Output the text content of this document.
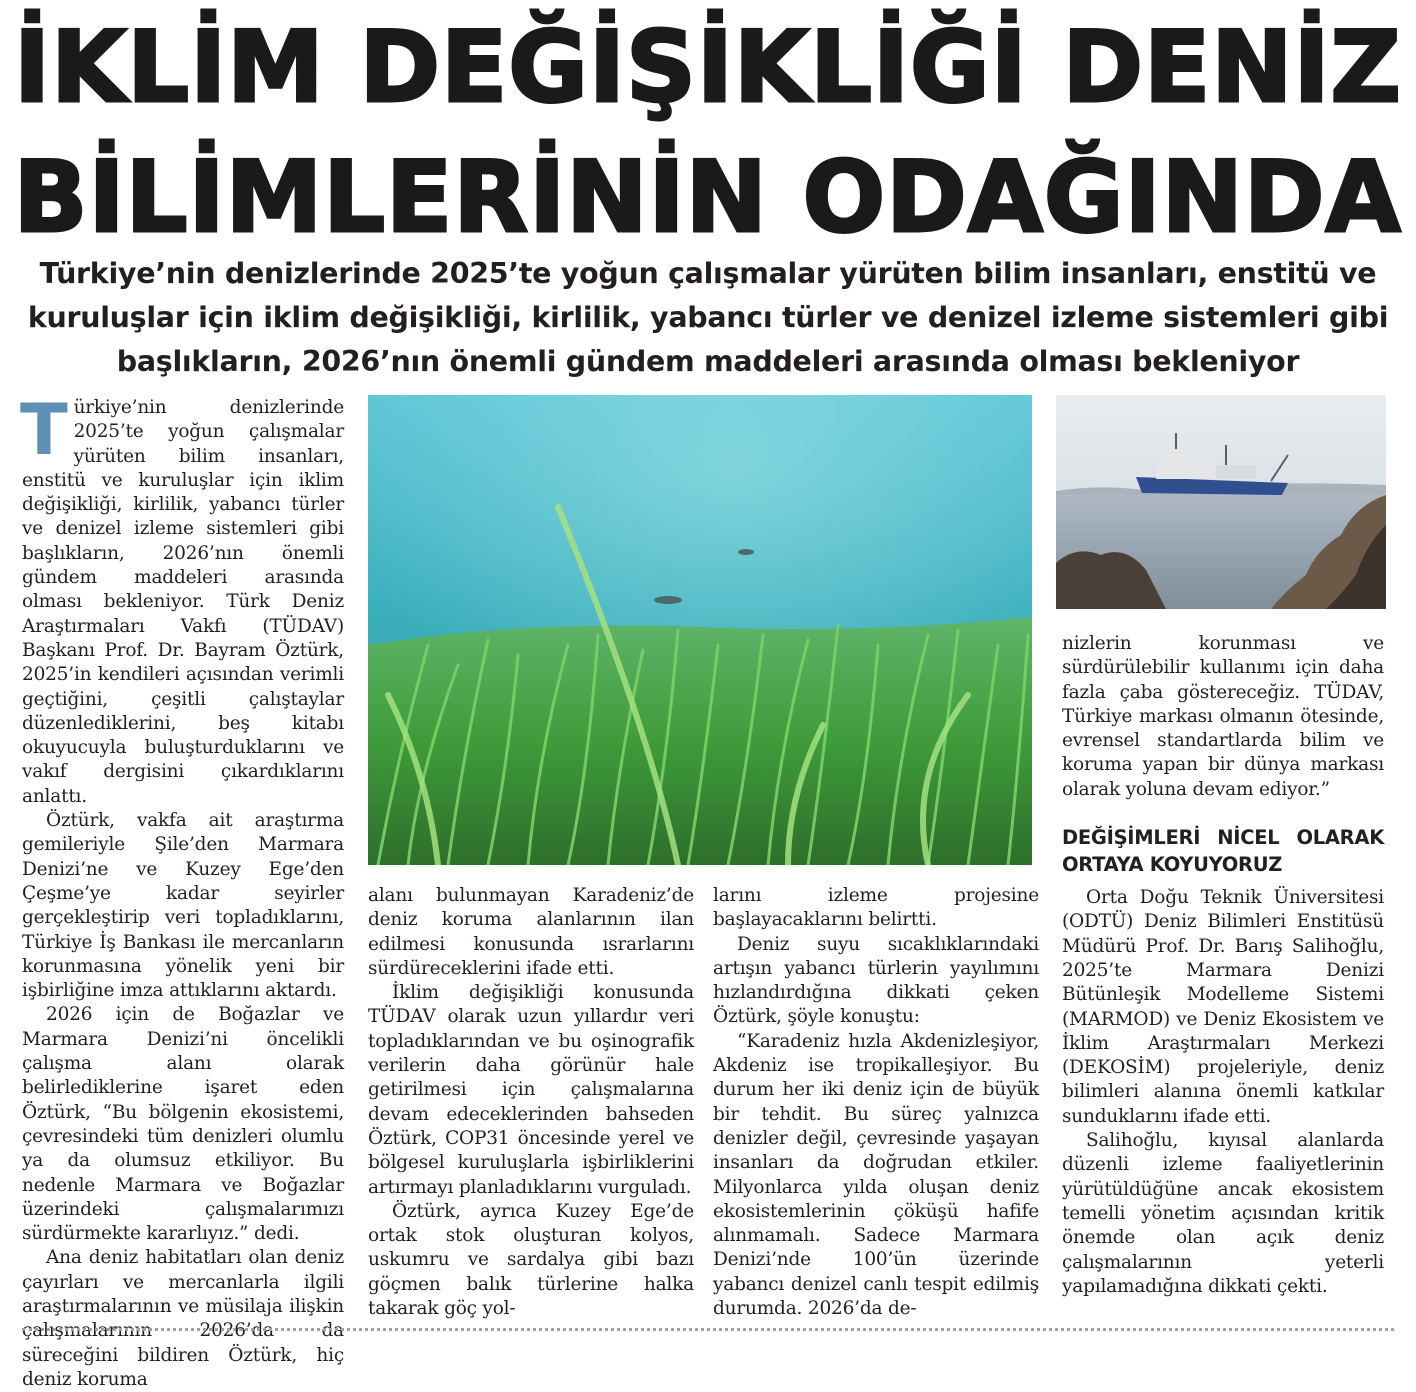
İKLİM DEĞİŞİKLİĞİ DENİZ
BİLİMLERİNİN ODAĞINDA
Türkiye’nin denizlerinde 2025’te yoğun çalışmalar yürüten bilim insanları, enstitü ve
kuruluşlar için iklim değişikliği, kirlilik, yabancı türler ve denizel izleme sistemleri gibi
başlıkların, 2026’nın önemli gündem maddeleri arasında olması bekleniyor

Türkiye’nin denizlerinde 2025’te yoğun çalışmalar yürüten bilim insanları, enstitü ve kuruluşlar için iklim değişikliği, kirlilik, yabancı türler ve denizel izleme sistemleri gibi başlıkların, 2026’nın önemli gündem maddeleri arasında olması bekleniyor. Türk Deniz Araştırmaları Vakfı (TÜDAV) Başkanı Prof. Dr. Bayram Öztürk, 2025’in kendileri açısından verimli geçtiğini, çeşitli çalıştaylar düzenlediklerini, beş kitabı okuyucuyla buluşturduklarını ve vakıf dergisini çıkardıklarını anlattı.

Öztürk, vakfa ait araştırma gemileriyle Şile’den Marmara Denizi’ne ve Kuzey Ege’den Çeşme’ye kadar seyirler gerçekleştirip veri topladıklarını, Türkiye İş Bankası ile mercanların korunmasına yönelik yeni bir işbirliğine imza attıklarını aktardı.

2026 için de Boğazlar ve Marmara Denizi’ni öncelikli çalışma alanı olarak belirlediklerine işaret eden Öztürk, “Bu bölgenin ekosistemi, çevresindeki tüm denizleri olumlu ya da olumsuz etkiliyor. Bu nedenle Marmara ve Boğazlar üzerindeki çalışmalarımızı sürdürmekte kararlıyız.” dedi.

Ana deniz habitatları olan deniz çayırları ve mercanlarla ilgili araştırmalarının ve müsilaja ilişkin çalışmalarının 2026’da da süreceğini bildiren Öztürk, hiç deniz koruma

alanı bulunmayan Karadeniz’de deniz koruma alanlarının ilan edilmesi konusunda ısrarlarını sürdüreceklerini ifade etti.

İklim değişikliği konusunda TÜDAV olarak uzun yıllardır veri topladıklarından ve bu oşinografik verilerin daha görünür hale getirilmesi için çalışmalarına devam edeceklerinden bahseden Öztürk, COP31 öncesinde yerel ve bölgesel kuruluşlarla işbirliklerini artırmayı planladıklarını vurguladı.

Öztürk, ayrıca Kuzey Ege’de ortak stok oluşturan kolyos, uskumru ve sardalya gibi bazı göçmen balık türlerine halka takarak göç yol-

larını izleme projesine başlayacaklarını belirtti.

Deniz suyu sıcaklıklarındaki artışın yabancı türlerin yayılımını hızlandırdığına dikkati çeken Öztürk, şöyle konuştu:

“Karadeniz hızla Akdenizleşiyor, Akdeniz ise tropikalleşiyor. Bu durum her iki deniz için de büyük bir tehdit. Bu süreç yalnızca denizler değil, çevresinde yaşayan insanları da doğrudan etkiler. Milyonlarca yılda oluşan deniz ekosistemlerinin çöküşü hafife alınmamalı. Sadece Marmara Denizi’nde 100’ün üzerinde yabancı denizel canlı tespit edilmiş durumda. 2026’da de-

nizlerin korunması ve sürdürülebilir kullanımı için daha fazla çaba göstereceğiz. TÜDAV, Türkiye markası olmanın ötesinde, evrensel standartlarda bilim ve koruma yapan bir dünya markası olarak yoluna devam ediyor.”

DEĞİŞİMLERİ NİCEL OLARAK ORTAYA KOYUYORUZ

Orta Doğu Teknik Üniversitesi (ODTÜ) Deniz Bilimleri Enstitüsü Müdürü Prof. Dr. Barış Salihoğlu, 2025’te Marmara Denizi Bütünleşik Modelleme Sistemi (MARMOD) ve Deniz Ekosistem ve İklim Araştırmaları Merkezi (DEKOSİM) projeleriyle, deniz bilimleri alanına önemli katkılar sunduklarını ifade etti.

Salihoğlu, kıyısal alanlarda düzenli izleme faaliyetlerinin yürütüldüğüne ancak ekosistem temelli yönetim açısından kritik önemde olan açık deniz çalışmalarının yeterli yapılamadığına dikkati çekti.
